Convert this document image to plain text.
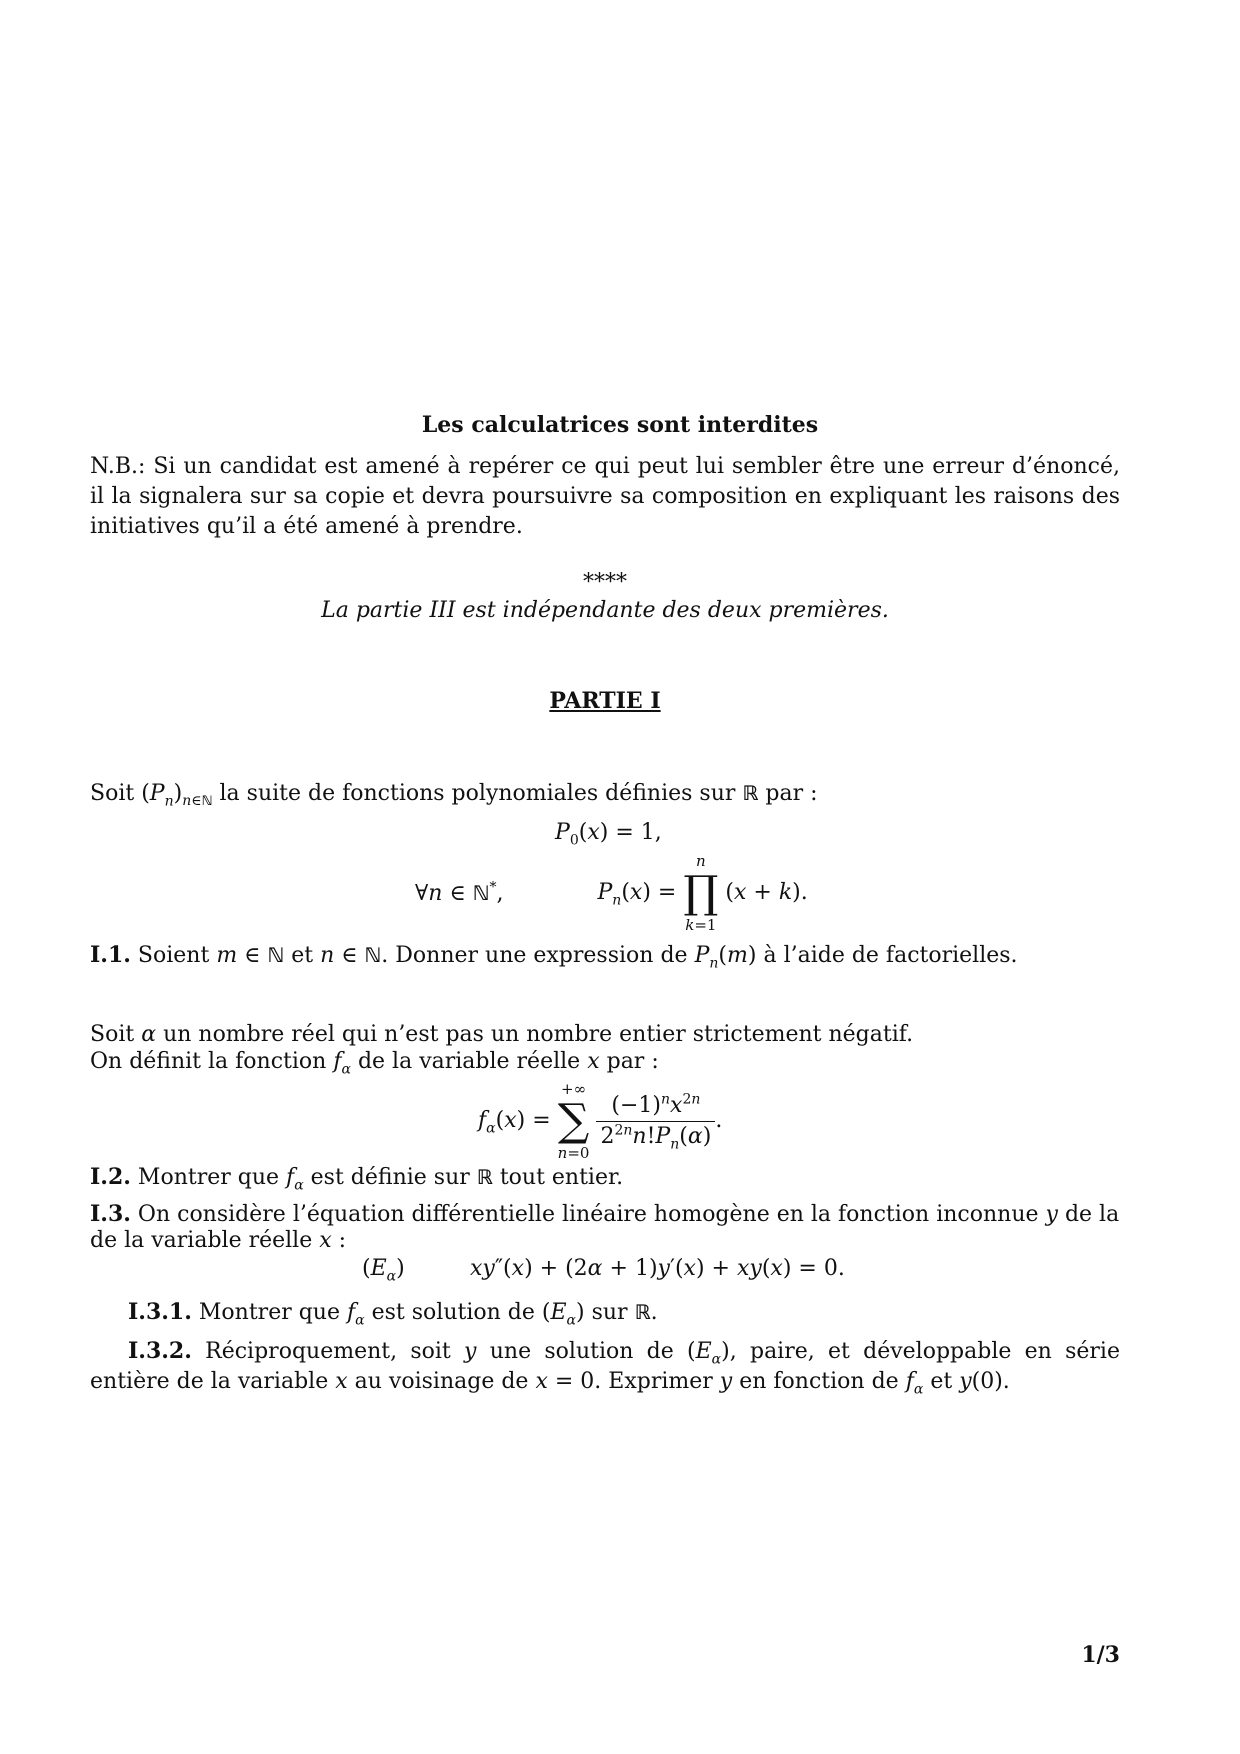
Les calculatrices sont interdites
N.B.: Si un candidat est amené à repérer ce qui peut lui sembler être une erreur d’énoncé, il la signalera sur sa copie et devra poursuivre sa composition en expliquant les raisons des initiatives qu’il a été amené à prendre.
****
La partie III est indépendante des deux premières.
PARTIE I
Soit $(P_n)_{n\in ℕ}$ la suite de fonctions polynomiales définies sur ℝ par :
$P_0(x) = 1$,
∀n ∈ ℕ*,	$P_n(x)$ =
n
∏
k=1
(x + k).
I.1. Soient m ∈ ℕ et n ∈ ℕ. Donner une expression de $P_n(m)$ à l’aide de factorielles.
Soit α un nombre réel qui n’est pas un nombre entier strictement négatif.
On définit la fonction $f_\alpha$ de la variable réelle x par :
$f_\alpha(x)$ =
+∞
∑
n=0

$\frac{(-1)^nx^{2n}}{2^{2n}n!P_n(\alpha)}$ .
I.2. Montrer que $f_\alpha$ est définie sur ℝ tout entier.
I.3. On considère l’équation différentielle linéaire homogène en la fonction inconnue y de la
de la variable réelle x :
$(E_\alpha)$	xy″(x) + (2α + 1)y′(x) + xy(x) = 0.
I.3.1. Montrer que $f_\alpha$ est solution de $(E_\alpha)$ sur ℝ.
I.3.2. Réciproquement, soit y une solution de $(E_\alpha)$, paire, et développable en série entière de la variable x au voisinage de x = 0. Exprimer y en fonction de $f_\alpha$ et y(0).
1/3
